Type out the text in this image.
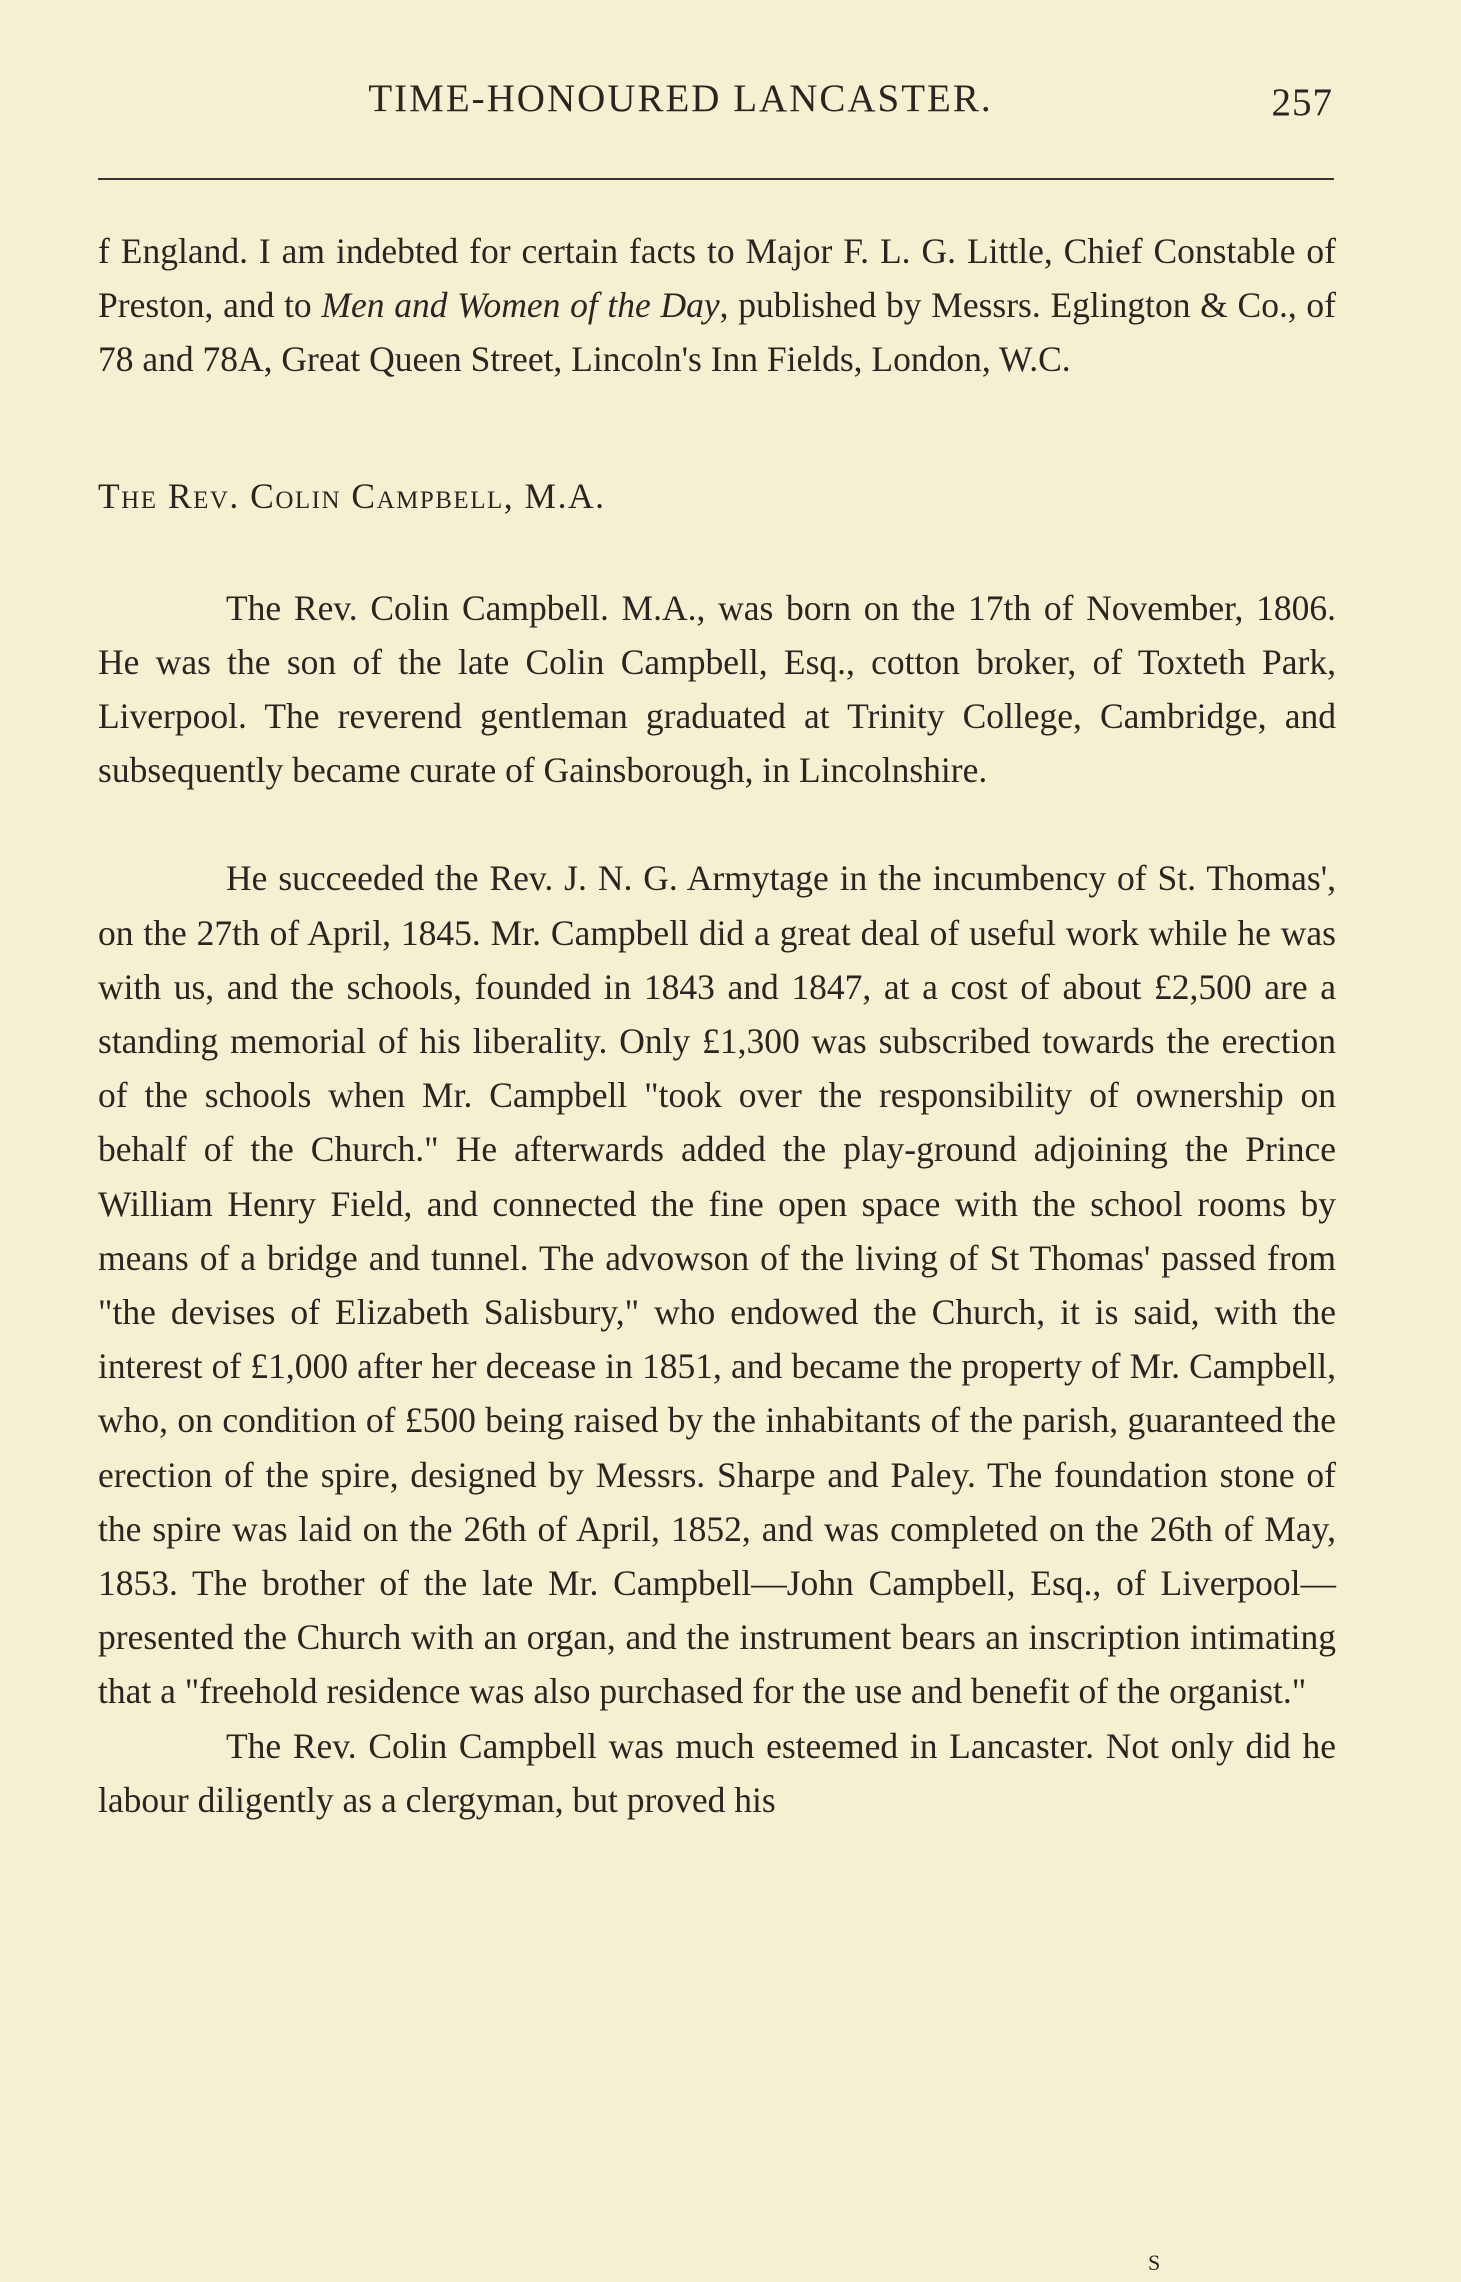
TIME-HONOURED LANCASTER.	257

f England. I am indebted for certain facts to Major F. L. G. Little, Chief Constable of Preston, and to Men and Women of the Day, published by Messrs. Eglington & Co., of 78 and 78A, Great Queen Street, Lincoln's Inn Fields, London, W.C.

The Rev. Colin Campbell, M.A.

The Rev. Colin Campbell. M.A., was born on the 17th of November, 1806. He was the son of the late Colin Campbell, Esq., cotton broker, of Toxteth Park, Liverpool. The reverend gentleman graduated at Trinity College, Cambridge, and subsequently became curate of Gainsborough, in Lincolnshire.

He succeeded the Rev. J. N. G. Armytage in the incumbency of St. Thomas', on the 27th of April, 1845. Mr. Campbell did a great deal of useful work while he was with us, and the schools, founded in 1843 and 1847, at a cost of about £2,500 are a standing memorial of his liberality. Only £1,300 was subscribed towards the erection of the schools when Mr. Campbell "took over the responsibility of ownership on behalf of the Church." He afterwards added the play-ground adjoining the Prince William Henry Field, and connected the fine open space with the school rooms by means of a bridge and tunnel. The advowson of the living of St Thomas' passed from "the devises of Elizabeth Salisbury," who endowed the Church, it is said, with the interest of £1,000 after her decease in 1851, and became the property of Mr. Campbell, who, on condition of £500 being raised by the inhabitants of the parish, guaranteed the erection of the spire, designed by Messrs. Sharpe and Paley. The foundation stone of the spire was laid on the 26th of April, 1852, and was completed on the 26th of May, 1853. The brother of the late Mr. Campbell—John Campbell, Esq., of Liverpool—presented the Church with an organ, and the instrument bears an inscription intimating that a "freehold residence was also purchased for the use and benefit of the organist."

The Rev. Colin Campbell was much esteemed in Lancaster. Not only did he labour diligently as a clergyman, but proved his

S
